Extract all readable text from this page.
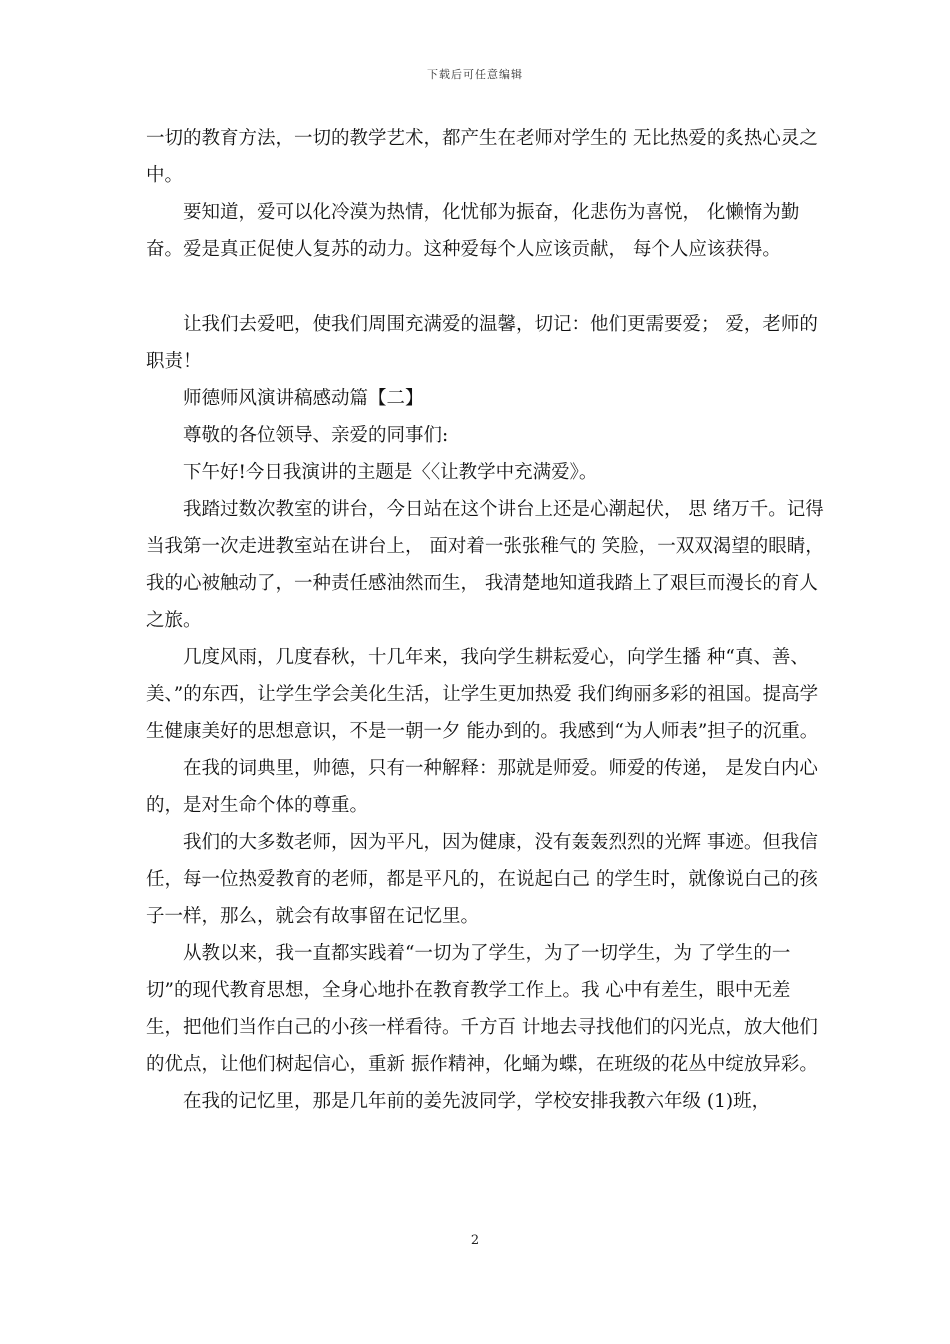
下载后可任意编辑

一切的教育方法，一切的教学艺术，都产生在老师对学生的 无比热爱的炙热心灵之中。

要知道，爱可以化冷漠为热情，化忧郁为振奋，化悲伤为喜悦， 化懒惰为勤奋。爱是真正促使人复苏的动力。这种爱每个人应该贡献， 每个人应该获得。

让我们去爱吧，使我们周围充满爱的温馨，切记：他们更需要爱； 爱，老师的职责！

师德师风演讲稿感动篇【二】

尊敬的各位领导、亲爱的同事们:

下午好!今日我演讲的主题是〈〈让教学中充满爱》。

我踏过数次教室的讲台，今日站在这个讲台上还是心潮起伏， 思 绪万千。记得当我第一次走进教室站在讲台上， 面对着一张张稚气的 笑脸，一双双渴望的眼睛，我的心被触动了，一种责任感油然而生， 我清楚地知道我踏上了艰巨而漫长的育人之旅。

几度风雨，几度春秋，十几年来，我向学生耕耘爱心，向学生播 种“真、善、美、”的东西，让学生学会美化生活，让学生更加热爱 我们绚丽多彩的祖国。提高学生健康美好的思想意识，不是一朝一夕 能办到的。我感到“为人师表”担子的沉重。

在我的词典里，帅德，只有一种解释：那就是师爱。师爱的传递， 是发白内心的，是对生命个体的尊重。

我们的大多数老师，因为平凡，因为健康，没有轰轰烈烈的光辉 事迹。但我信任，每一位热爱教育的老师，都是平凡的，在说起白己 的学生时，就像说白己的孩子一样，那么，就会有故事留在记忆里。

从教以来，我一直都实践着“一切为了学生，为了一切学生，为 了学生的一切”的现代教育思想，全身心地扑在教育教学工作上。我 心中有差生，眼中无差生，把他们当作白己的小孩一样看待。千方百 计地去寻找他们的闪光点，放大他们的优点，让他们树起信心，重新 振作精神，化蛹为蝶，在班级的花丛中绽放异彩。

在我的记忆里，那是几年前的姜先波同学，学校安排我教六年级 (1)班，

2
